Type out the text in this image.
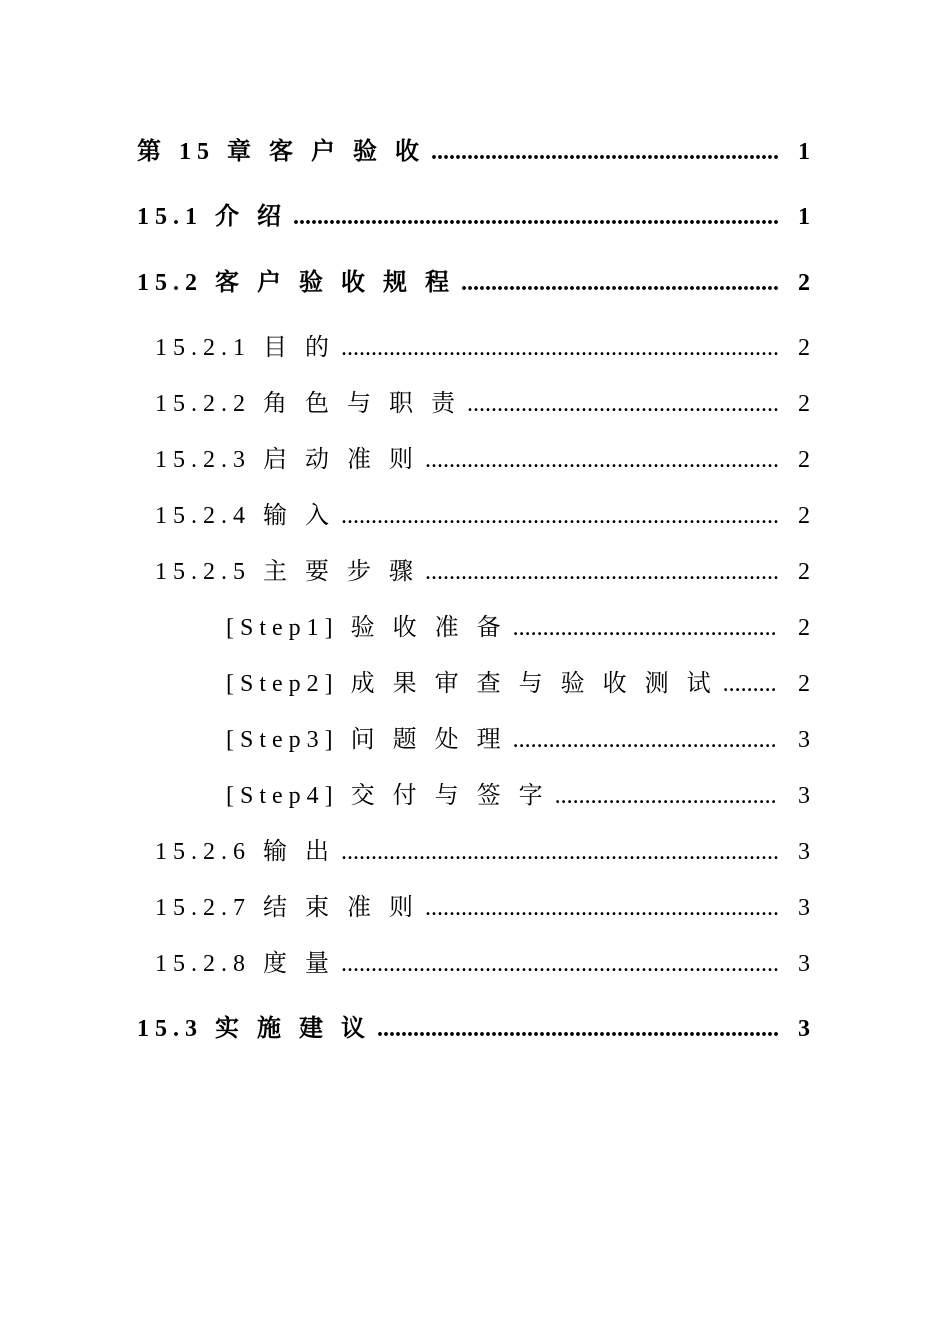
第 15 章 客 户 验 收 .....	1
15.1 介 绍 .....	1
15.2 客 户 验 收 规 程 .....	2
15.2.1 目 的 .....	2
15.2.2 角 色 与 职 责 .....	2
15.2.3 启 动 准 则 .....	2
15.2.4 输 入 .....	2
15.2.5 主 要 步 骤 .....	2
[Step1] 验 收 准 备 .....	2
[Step2] 成 果 审 查 与 验 收 测 试 .....	2
[Step3] 问 题 处 理 .....	3
[Step4] 交 付 与 签 字 .....	3
15.2.6 输 出 .....	3
15.2.7 结 束 准 则 .....	3
15.2.8 度 量 .....	3
15.3 实 施 建 议 .....	3
